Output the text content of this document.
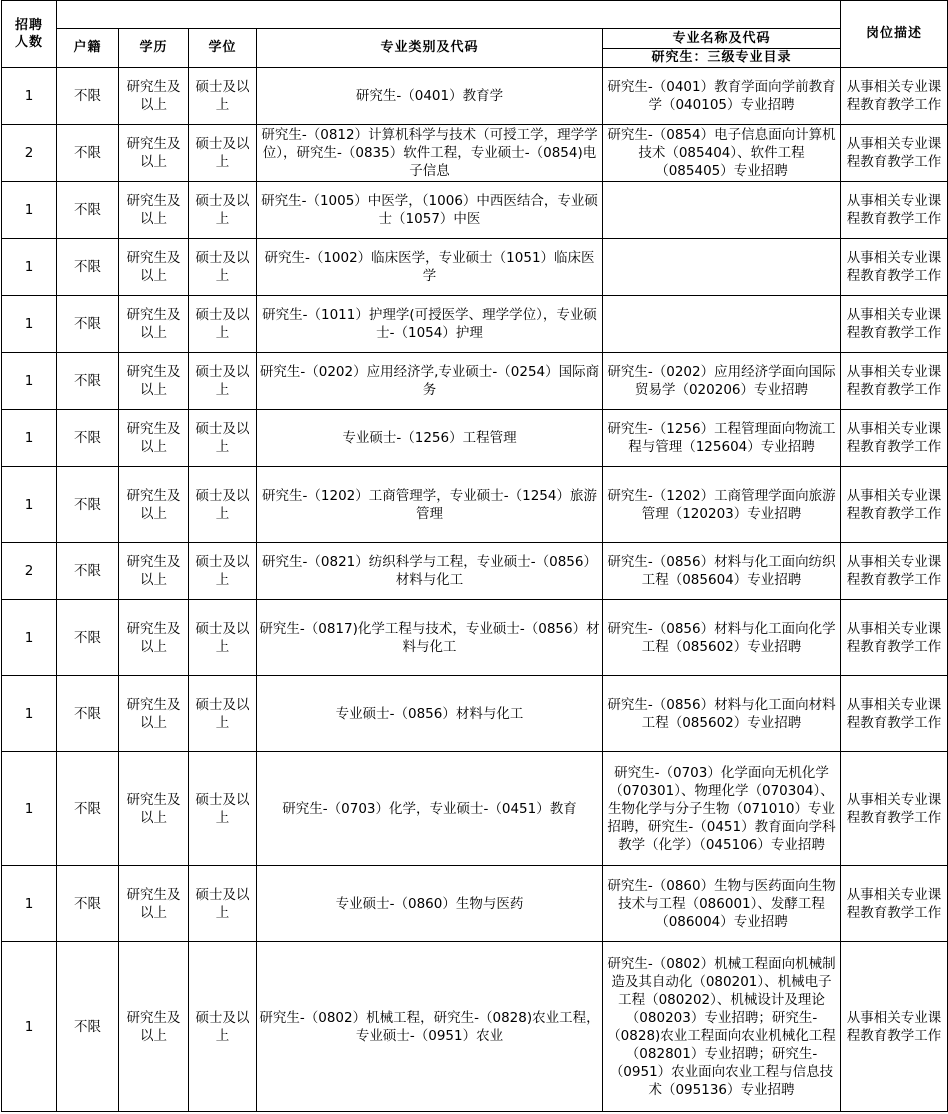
招聘
人数						岗位描述
	户籍	学历	学位	专业类别及代码	专业名称及代码
研究生：三级专业目录	

1	不限	研究生及以上	硕士及以上	研究生-（0401）教育学	研究生-（0401）教育学面向学前教育学（040105）专业招聘	从事相关专业课程教育教学工作
2	不限	研究生及以上	硕士及以上	研究生-（0812）计算机科学与技术（可授工学，理学学位），研究生-（0835）软件工程，专业硕士-（0854)电子信息	研究生-（0854）电子信息面向计算机技术（085404）、软件工程（085405）专业招聘	从事相关专业课程教育教学工作
1	不限	研究生及以上	硕士及以上	研究生-（1005）中医学，（1006）中西医结合，专业硕士（1057）中医		从事相关专业课程教育教学工作
1	不限	研究生及以上	硕士及以上	研究生-（1002）临床医学，专业硕士（1051）临床医学		从事相关专业课程教育教学工作
1	不限	研究生及以上	硕士及以上	研究生-（1011）护理学(可授医学、理学学位），专业硕士-（1054）护理		从事相关专业课程教育教学工作
1	不限	研究生及以上	硕士及以上	研究生-（0202）应用经济学,专业硕士-（0254）国际商务	研究生-（0202）应用经济学面向国际贸易学（020206）专业招聘	从事相关专业课程教育教学工作
1	不限	研究生及以上	硕士及以上	专业硕士-（1256）工程管理	研究生-（1256）工程管理面向物流工程与管理（125604）专业招聘	从事相关专业课程教育教学工作
1	不限	研究生及以上	硕士及以上	研究生-（1202）工商管理学，专业硕士-（1254）旅游管理	研究生-（1202）工商管理学面向旅游管理（120203）专业招聘	从事相关专业课程教育教学工作
2	不限	研究生及以上	硕士及以上	研究生-（0821）纺织科学与工程，专业硕士-（0856）材料与化工	研究生-（0856）材料与化工面向纺织工程（085604）专业招聘	从事相关专业课程教育教学工作
1	不限	研究生及以上	硕士及以上	研究生-（0817)化学工程与技术，专业硕士-（0856）材料与化工	研究生-（0856）材料与化工面向化学工程（085602）专业招聘	从事相关专业课程教育教学工作
1	不限	研究生及以上	硕士及以上	专业硕士-（0856）材料与化工	研究生-（0856）材料与化工面向材料工程（085602）专业招聘	从事相关专业课程教育教学工作
1	不限	研究生及以上	硕士及以上	研究生-（0703）化学，专业硕士-（0451）教育	研究生-（0703）化学面向无机化学（070301）、物理化学（070304）、生物化学与分子生物（071010）专业招聘，研究生-（0451）教育面向学科教学（化学）（045106）专业招聘	从事相关专业课程教育教学工作
1	不限	研究生及以上	硕士及以上	专业硕士-（0860）生物与医药	研究生-（0860）生物与医药面向生物技术与工程（086001）、发酵工程（086004）专业招聘	从事相关专业课程教育教学工作
1	不限	研究生及以上	硕士及以上	研究生-（0802）机械工程，研究生-（0828)农业工程，专业硕士-（0951）农业	研究生-（0802）机械工程面向机械制造及其自动化（080201）、机械电子工程（080202）、机械设计及理论（080203）专业招聘；研究生-（0828)农业工程面向农业机械化工程（082801）专业招聘；研究生-（0951）农业面向农业工程与信息技术（095136）专业招聘	从事相关专业课程教育教学工作
